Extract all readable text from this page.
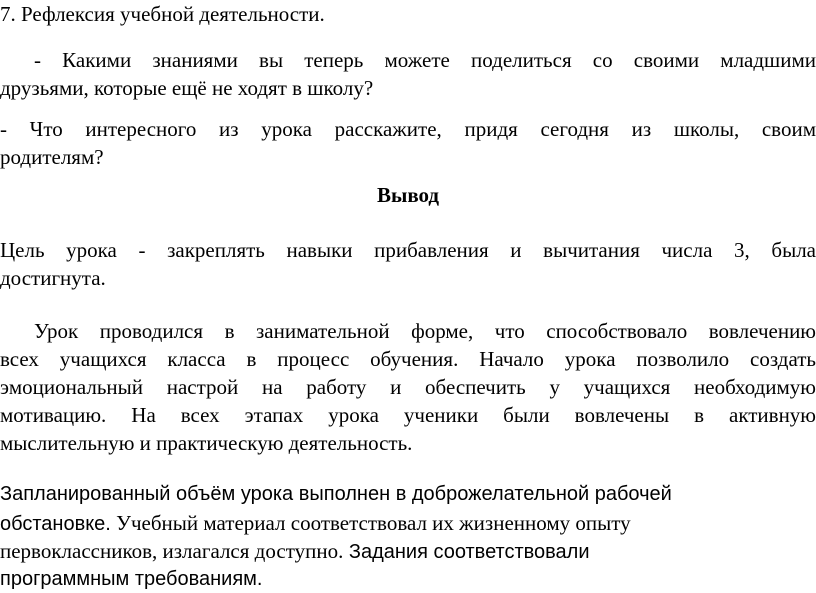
7. Рефлексия учебной деятельности.
- Какими знаниями вы теперь можете поделиться со своими младшими
друзьями, которые ещё не ходят в школу?
- Что интересного из урока расскажите, придя сегодня из школы, своим
родителям?
Вывод
Цель урока - закреплять навыки прибавления и вычитания числа 3, была
достигнута.
Урок проводился в занимательной форме, что способствовало вовлечению
всех учащихся класса в процесс обучения. Начало урока позволило создать
эмоциональный настрой на работу и обеспечить у учащихся необходимую
мотивацию. На всех этапах урока ученики были вовлечены в активную
мыслительную и практическую деятельность.
Запланированный объём урока выполнен в доброжелательной рабочей
обстановке. Учебный материал соответствовал их жизненному опыту
первоклассников, излагался доступно. Задания соответствовали
программным требованиям.
